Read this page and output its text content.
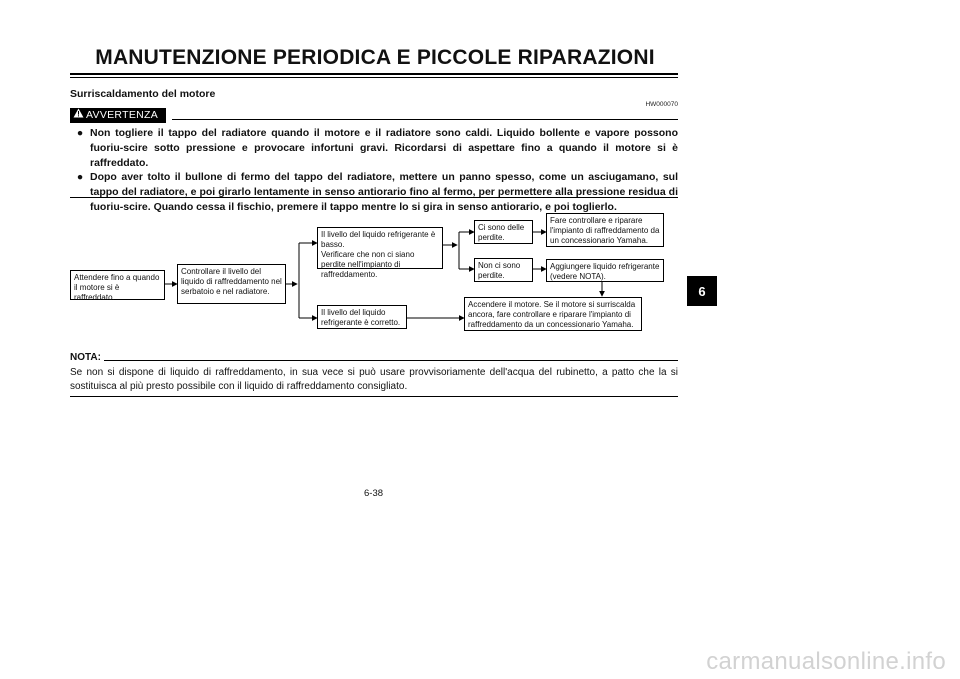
MANUTENZIONE PERIODICA E PICCOLE RIPARAZIONI
Surriscaldamento del motore
HW000070
AVVERTENZA
● Non togliere il tappo del radiatore quando il motore e il radiatore sono caldi. Liquido bollente e vapore possono fuoriu-scire sotto pressione e provocare infortuni gravi. Ricordarsi di aspettare fino a quando il motore si è raffreddato.
● Dopo aver tolto il bullone di fermo del tappo del radiatore, mettere un panno spesso, come un asciugamano, sul tappo del radiatore, e poi girarlo lentamente in senso antiorario fino al fermo, per permettere alla pressione residua di fuoriu-scire. Quando cessa il fischio, premere il tappo mentre lo si gira in senso antiorario, e poi toglierlo.
Attendere fino a quando il motore si è raffreddato.
Controllare il livello del liquido di raffreddamento nel serbatoio e nel radiatore.
Il livello del liquido refrigerante è basso.
Verificare che non ci siano perdite nell'impianto di raffreddamento.
Il livello del liquido refrigerante è corretto.
Ci sono delle perdite.
Non ci sono perdite.
Fare controllare e riparare l'impianto di raffreddamento da un concessionario Yamaha.
Aggiungere liquido refrigerante (vedere NOTA).
Accendere il motore. Se il motore si surriscalda ancora, fare controllare e riparare l'impianto di raffreddamento da un concessionario Yamaha.
NOTA:
Se non si dispone di liquido di raffreddamento, in sua vece si può usare provvisoriamente dell'acqua del rubinetto, a patto che la si sostituisca al più presto possibile con il liquido di raffreddamento consigliato.
6-38
6
carmanualsonline.info
